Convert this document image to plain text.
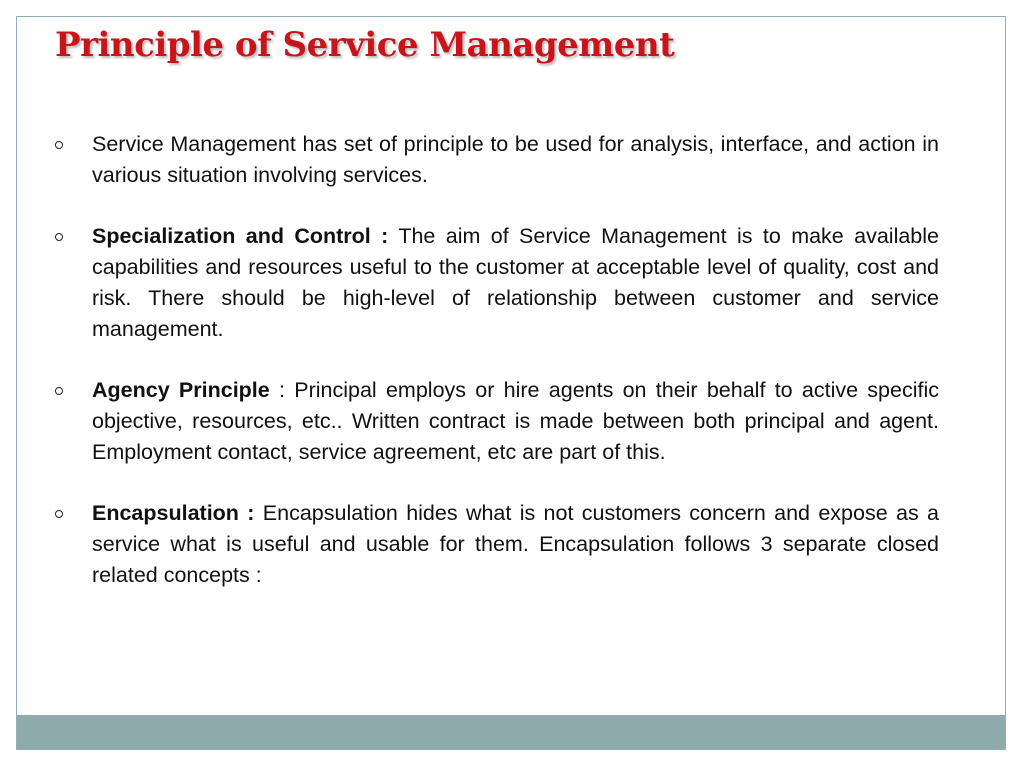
Principle of Service Management
Service Management has set of principle to be used for analysis, interface, and action in various situation involving services.
Specialization and Control : The aim of Service Management is to make available capabilities and resources useful to the customer at acceptable level of quality, cost and risk. There should be high-level of relationship between customer and service management.
Agency Principle : Principal employs or hire agents on their behalf to active specific objective, resources, etc.. Written contract is made between both principal and agent. Employment contact, service agreement, etc are part of this.
Encapsulation : Encapsulation hides what is not customers concern and expose as a service what is useful and usable for them. Encapsulation follows 3 separate closed related concepts :
